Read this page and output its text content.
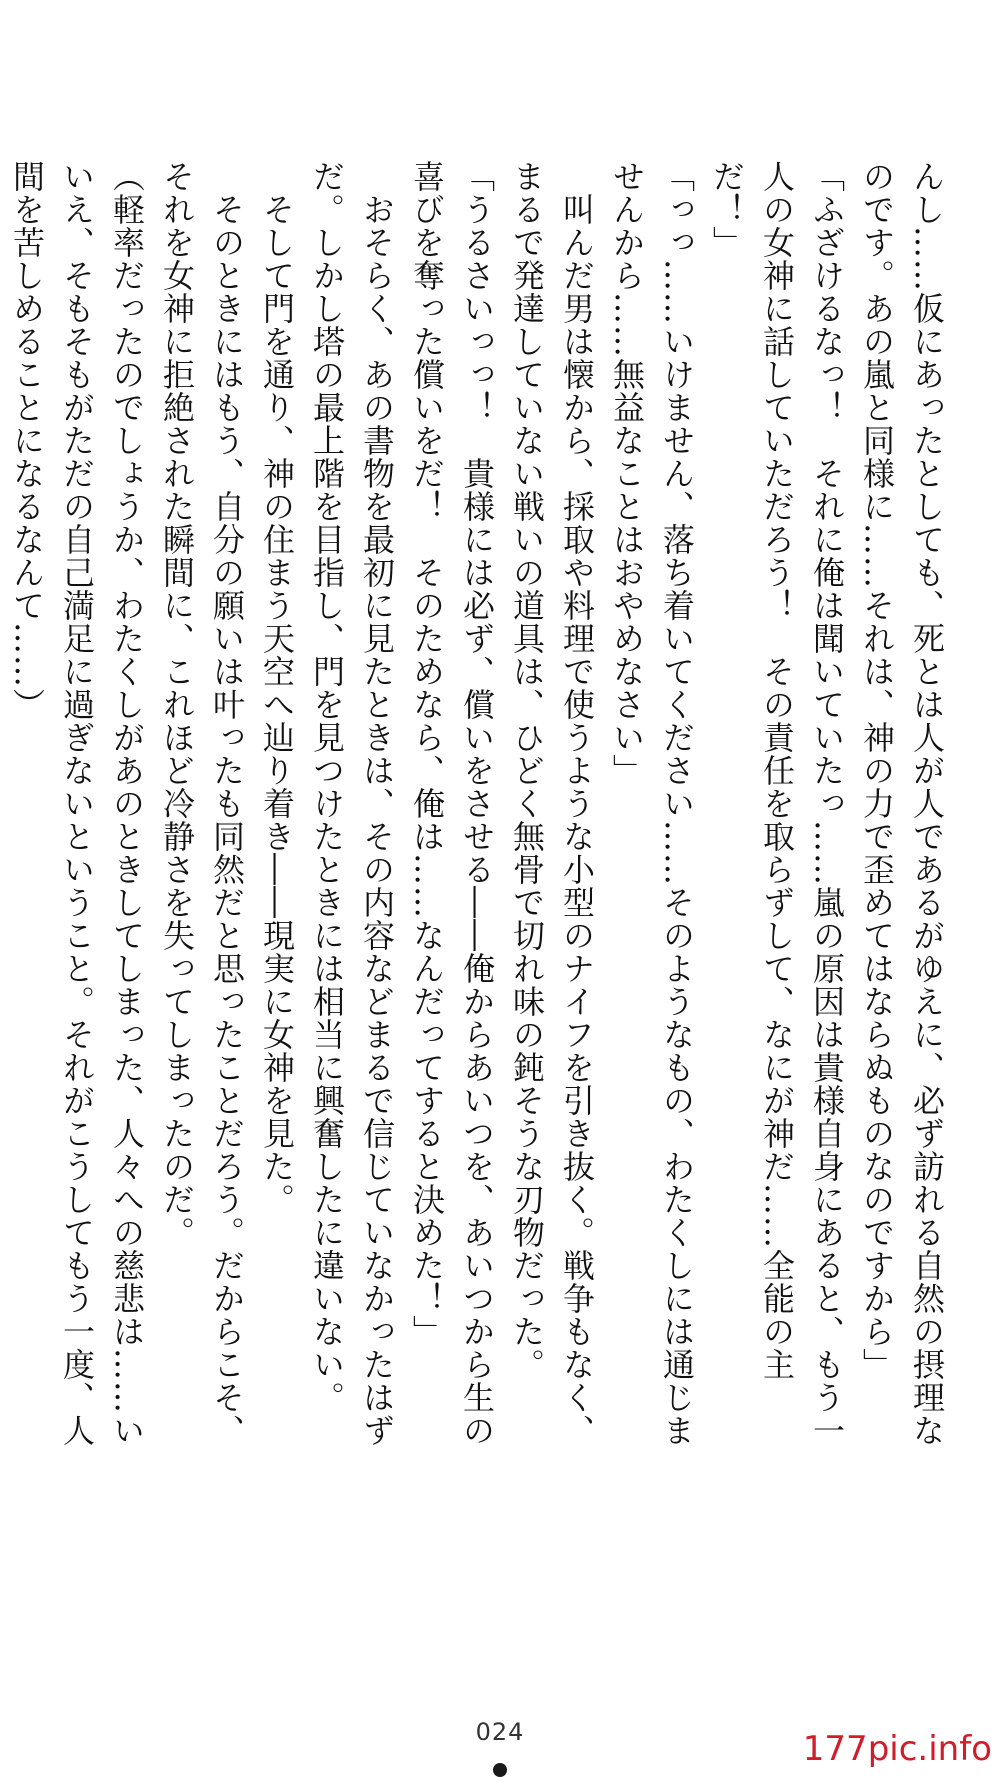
んし……仮にあったとしても、死とは人が人であるがゆえに、必ず訪れる自然の摂理なのです。あの嵐と同様に……それは、神の力で歪めてはならぬものなのですから」

「ふざけるなっ！　それに俺は聞いていたっ……嵐の原因は貴様自身にあると、もう一人の女神に話していただろう！　その責任を取らずして、なにが神だ……全能の主だ！」

「っっ……いけません、落ち着いてください……そのようなもの、わたくしには通じませんから……無益なことはおやめなさい」

　叫んだ男は懐から、採取や料理で使うような小型のナイフを引き抜く。戦争もなく、まるで発達していない戦いの道具は、ひどく無骨で切れ味の鈍そうな刃物だった。

「うるさいっっ！　貴様には必ず、償いをさせる――俺からあいつを、あいつから生の喜びを奪った償いをだ！　そのためなら、俺は……なんだってすると決めた！」

　おそらく、あの書物を最初に見たときは、その内容などまるで信じていなかったはずだ。しかし塔の最上階を目指し、門を見つけたときには相当に興奮したに違いない。

　そして門を通り、神の住まう天空へ辿り着き――現実に女神を見た。

　そのときにはもう、自分の願いは叶ったも同然だと思ったことだろう。だからこそ、それを女神に拒絶された瞬間に、これほど冷静さを失ってしまったのだ。

（軽率だったのでしょうか、わたくしがあのときしてしまった、人々への慈悲は……いいえ、そもそもがただの自己満足に過ぎないということ。それがこうしてもう一度、人間を苦しめることになるなんて……）

024	177pic.info
